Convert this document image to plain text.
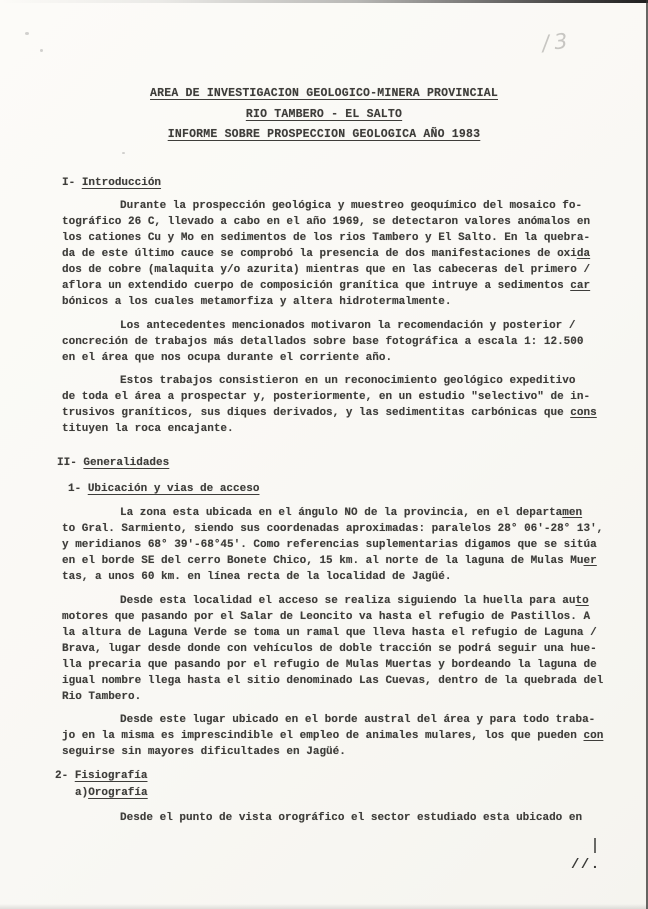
/3
AREA DE INVESTIGACION GEOLOGICO-MINERA PROVINCIAL
RIO TAMBERO - EL SALTO
INFORME SOBRE PROSPECCION GEOLOGICA AÑO 1983
I- Introducción
Durante la prospección geológica y muestreo geoquímico del mosaico fo-
tográfico 26 C, llevado a cabo en el año 1969, se detectaron valores anómalos en
los cationes Cu y Mo en sedimentos de los rios Tambero y El Salto. En la quebra-
da de este último cauce se comprobó la presencia de dos manifestaciones de oxida
dos de cobre (malaquita y/o azurita) mientras que en las cabeceras del primero /
aflora un extendido cuerpo de composición granítica que intruye a sedimentos car
bónicos a los cuales metamorfiza y altera hidrotermalmente.
Los antecedentes mencionados motivaron la recomendación y posterior /
concreción de trabajos más detallados sobre base fotográfica a escala 1: 12.500
en el área que nos ocupa durante el corriente año.
Estos trabajos consistieron en un reconocimiento geológico expeditivo
de toda el área a prospectar y, posteriormente, en un estudio "selectivo" de in-
trusivos graníticos, sus diques derivados, y las sedimentitas carbónicas que cons
tituyen la roca encajante.
II- Generalidades
1- Ubicación y vias de acceso
La zona esta ubicada en el ángulo NO de la provincia, en el departamen
to Gral. Sarmiento, siendo sus coordenadas aproximadas: paralelos 28° 06'-28° 13',
y meridianos 68° 39'-68°45'. Como referencias suplementarias digamos que se sitúa
en el borde SE del cerro Bonete Chico, 15 km. al norte de la laguna de Mulas Muer
tas, a unos 60 km. en línea recta de la localidad de Jagüé.
Desde esta localidad el acceso se realiza siguiendo la huella para auto
motores que pasando por el Salar de Leoncito va hasta el refugio de Pastillos. A
la altura de Laguna Verde se toma un ramal que lleva hasta el refugio de Laguna /
Brava, lugar desde donde con vehículos de doble tracción se podrá seguir una hue-
lla precaria que pasando por el refugio de Mulas Muertas y bordeando la laguna de
igual nombre llega hasta el sitio denominado Las Cuevas, dentro de la quebrada del
Rio Tambero.
Desde este lugar ubicado en el borde austral del área y para todo traba-
jo en la misma es imprescindible el empleo de animales mulares, los que pueden con
seguirse sin mayores dificultades en Jagüé.
2- Fisiografía
a)Orografía
Desde el punto de vista orográfico el sector estudiado esta ubicado en
//.
